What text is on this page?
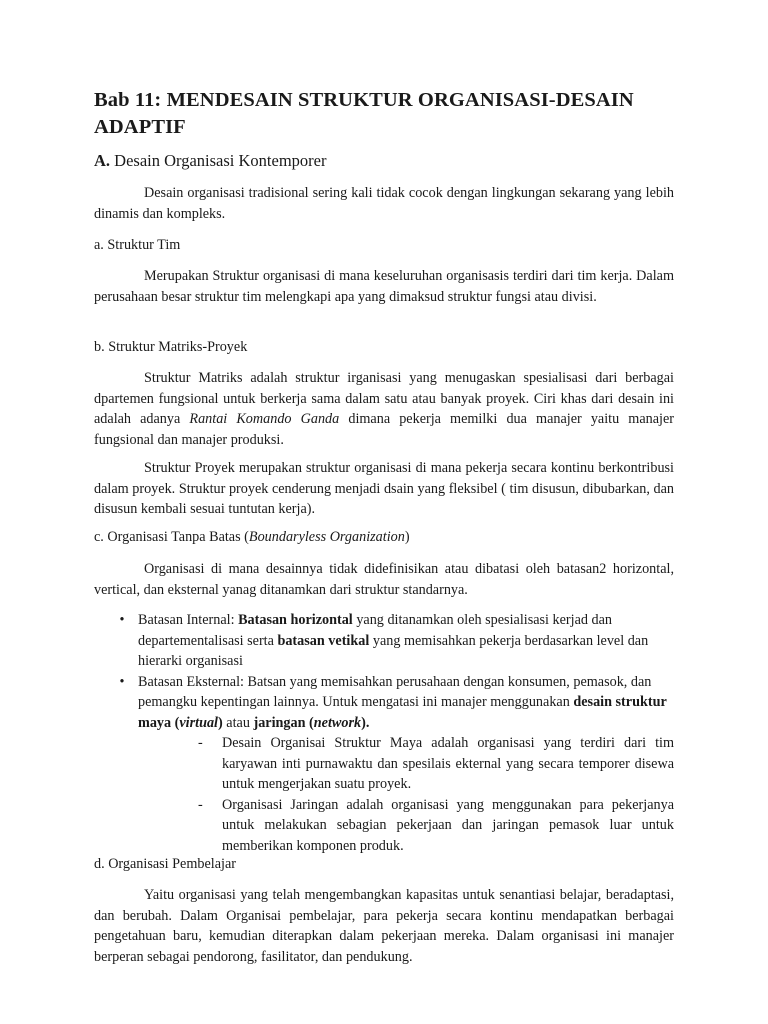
Bab 11: MENDESAIN STRUKTUR ORGANISASI-DESAIN ADAPTIF
A. Desain Organisasi Kontemporer

Desain organisasi tradisional sering kali tidak cocok dengan lingkungan sekarang yang lebih dinamis dan kompleks.

a. Struktur Tim

Merupakan Struktur organisasi di mana keseluruhan organisasis terdiri dari tim kerja. Dalam perusahaan besar struktur tim melengkapi apa yang dimaksud struktur fungsi atau divisi.

b. Struktur Matriks-Proyek

Struktur Matriks adalah struktur irganisasi yang menugaskan spesialisasi dari berbagai dpartemen fungsional untuk berkerja sama dalam satu atau banyak proyek. Ciri khas dari desain ini adalah adanya Rantai Komando Ganda dimana pekerja memilki dua manajer yaitu manajer fungsional dan manajer produksi.

Struktur Proyek merupakan struktur organisasi di mana pekerja secara kontinu berkontribusi dalam proyek. Struktur proyek cenderung menjadi dsain yang fleksibel ( tim disusun, dibubarkan, dan disusun kembali sesuai tuntutan kerja).

c. Organisasi Tanpa Batas (Boundaryless Organization)

Organisasi di mana desainnya tidak didefinisikan atau dibatasi oleh batasan2 horizontal, vertical, dan eksternal yanag ditanamkan dari struktur standarnya.

• Batasan Internal: Batasan horizontal yang ditanamkan oleh spesialisasi kerjad dan departementalisasi serta batasan vetikal yang memisahkan pekerja berdasarkan level dan hierarki organisasi
• Batasan Eksternal: Batsan yang memisahkan perusahaan dengan konsumen, pemasok, dan pemangku kepentingan lainnya. Untuk mengatasi ini manajer menggunakan desain struktur maya (virtual) atau jaringan (network).
- Desain Organisai Struktur Maya adalah organisasi yang terdiri dari tim karyawan inti purnawaktu dan spesilais ekternal yang secara temporer disewa untuk mengerjakan suatu proyek.
- Organisasi Jaringan adalah organisasi yang menggunakan para pekerjanya untuk melakukan sebagian pekerjaan dan jaringan pemasok luar untuk memberikan komponen produk.

d. Organisasi Pembelajar

Yaitu organisasi yang telah mengembangkan kapasitas untuk senantiasi belajar, beradaptasi, dan berubah. Dalam Organisai pembelajar, para pekerja secara kontinu mendapatkan berbagai pengetahuan baru, kemudian diterapkan dalam pekerjaan mereka. Dalam organisasi ini manajer berperan sebagai pendorong, fasilitator, dan pendukung.
